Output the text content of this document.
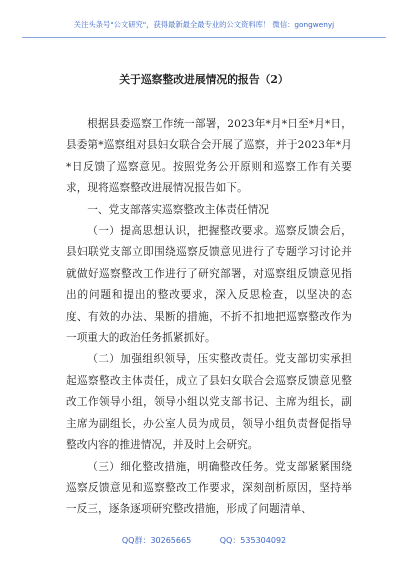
关注头条号"公文研究"，获得最新最全最专业的公文资料库！ 微信：gongwenyj
关于巡察整改进展情况的报告（2）

根据县委巡察工作统一部署，2023年*月*日至*月*日，县委第*巡察组对县妇女联合会开展了巡察，并于2023年*月*日反馈了巡察意见。按照党务公开原则和巡察工作有关要求，现将巡察整改进展情况报告如下。

一、党支部落实巡察整改主体责任情况

（一）提高思想认识，把握整改要求。巡察反馈会后，县妇联党支部立即围绕巡察反馈意见进行了专题学习讨论并就做好巡察整改工作进行了研究部署，对巡察组反馈意见指出的问题和提出的整改要求，深入反思检查，以坚决的态度、有效的办法、果断的措施，不折不扣地把巡察整改作为一项重大的政治任务抓紧抓好。

（二）加强组织领导，压实整改责任。党支部切实承担起巡察整改主体责任，成立了县妇女联合会巡察反馈意见整改工作领导小组，领导小组以党支部书记、主席为组长，副主席为副组长，办公室人员为成员，领导小组负责督促指导整改内容的推进情况，并及时上会研究。

（三）细化整改措施，明确整改任务。党支部紧紧围绕巡察反馈意见和巡察整改工作要求，深刻剖析原因，坚持举一反三，逐条逐项研究整改措施，形成了问题清单、

QQ群：30265665	QQ：535304092
